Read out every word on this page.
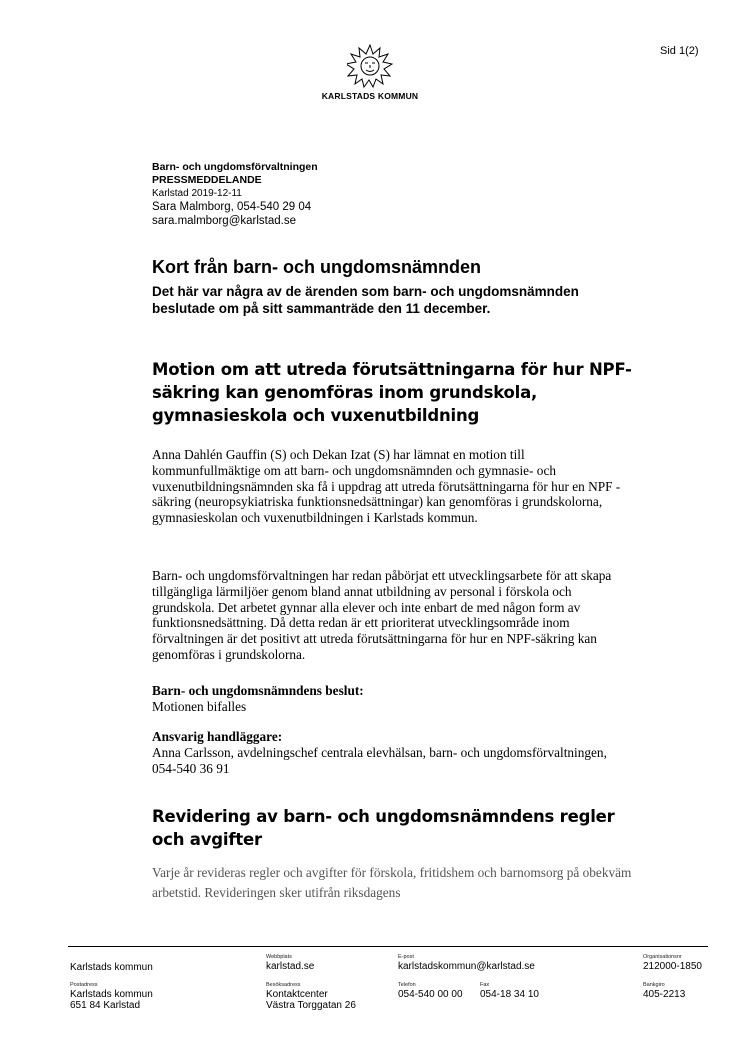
Sid 1(2)
KARLSTADS KOMMUN
Barn- och ungdomsförvaltningen
PRESSMEDDELANDE
Karlstad 2019-12-11
Sara Malmborg, 054-540 29 04
sara.malmborg@karlstad.se
Kort från barn- och ungdomsnämnden
Det här var några av de ärenden som barn- och ungdomsnämnden beslutade om på sitt sammanträde den 11 december.
Motion om att utreda förutsättningarna för hur NPF-säkring kan genomföras inom grundskola, gymnasieskola och vuxenutbildning
Anna Dahlén Gauffin (S) och Dekan Izat (S) har lämnat en motion till kommunfullmäktige om att barn- och ungdomsnämnden och gymnasie- och vuxenutbildningsnämnden ska få i uppdrag att utreda förutsättningarna för hur en NPF - säkring (neuropsykiatriska funktionsnedsättningar) kan genomföras i grundskolorna, gymnasieskolan och vuxenutbildningen i Karlstads kommun.
Barn- och ungdomsförvaltningen har redan påbörjat ett utvecklingsarbete för att skapa tillgängliga lärmiljöer genom bland annat utbildning av personal i förskola och grundskola. Det arbetet gynnar alla elever och inte enbart de med någon form av funktionsnedsättning. Då detta redan är ett prioriterat utvecklingsområde inom förvaltningen är det positivt att utreda förutsättningarna för hur en NPF-säkring kan genomföras i grundskolorna.
Barn- och ungdomsnämndens beslut:
Motionen bifalles
Ansvarig handläggare:
Anna Carlsson, avdelningschef centrala elevhälsan, barn- och ungdomsförvaltningen, 054-540 36 91
Revidering av barn- och ungdomsnämndens regler och avgifter
Varje år revideras regler och avgifter för förskola, fritidshem och barnomsorg på obekväm arbetstid. Revideringen sker utifrån riksdagens
Karlstads kommun
Webbplats
karlstad.se
E-post
karlstadskommun@karlstad.se
Organisationsnr
212000-1850
Postadress
Karlstads kommun
651 84 Karlstad
Besöksadress
Kontaktcenter
Västra Torggatan 26
Telefon
054-540 00 00
Fax
054-18 34 10
Bankgiro
405-2213
